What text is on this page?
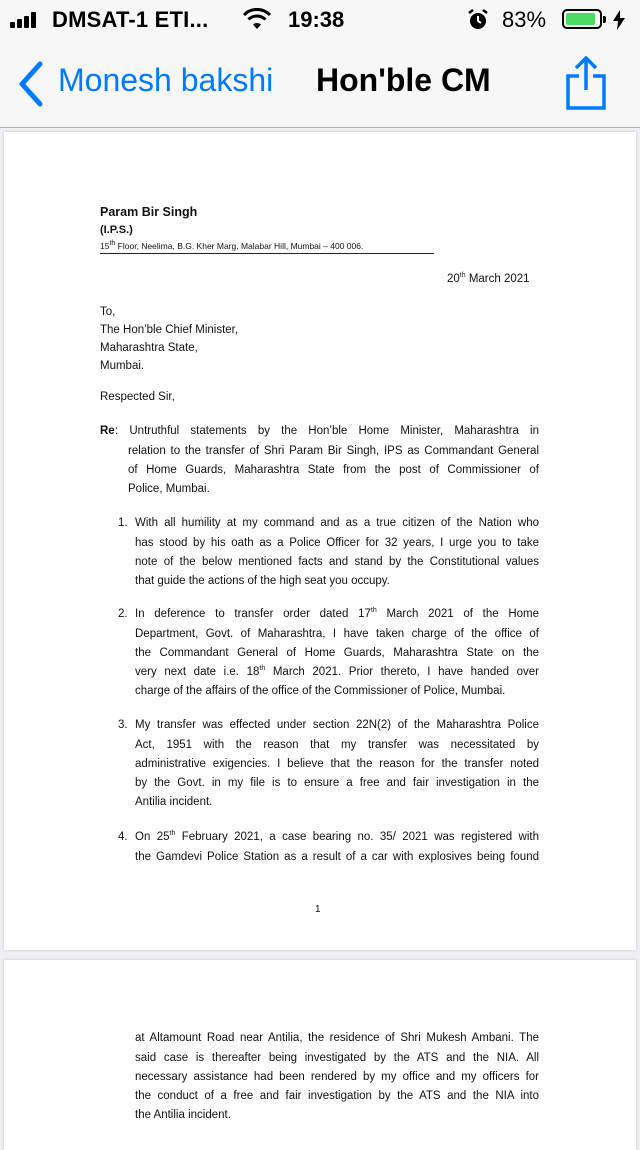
DMSAT-1 ETI...	19:38	83%
Monesh bakshi Hon'ble CM
Param Bir Singh
(I.P.S.)
15th Floor, Neelima, B.G. Kher Marg, Malabar Hill, Mumbai – 400 006.
20th March 2021
To,
The Hon’ble Chief Minister,
Maharashtra State,
Mumbai.
Respected Sir,
Re : Untruthful statements by the Hon’ble Home Minister, Maharashtra in
relation to the transfer of Shri Param Bir Singh, IPS as Commandant General
of Home Guards, Maharashtra State from the post of Commissioner of
Police, Mumbai.
1. With all humility at my command and as a true citizen of the Nation who
has stood by his oath as a Police Officer for 32 years, I urge you to take
note of the below mentioned facts and stand by the Constitutional values
that guide the actions of the high seat you occupy.
2. In deference to transfer order dated 17th March 2021 of the Home
Department, Govt. of Maharashtra, I have taken charge of the office of
the Commandant General of Home Guards, Maharashtra State on the
very next date i.e. 18th March 2021. Prior thereto, I have handed over
charge of the affairs of the office of the Commissioner of Police, Mumbai.
3. My transfer was effected under section 22N(2) of the Maharashtra Police
Act, 1951 with the reason that my transfer was necessitated by
administrative exigencies. I believe that the reason for the transfer noted
by the Govt. in my file is to ensure a free and fair investigation in the
Antilia incident.
4. On 25th February 2021, a case bearing no. 35/ 2021 was registered with
the Gamdevi Police Station as a result of a car with explosives being found
1
at Altamount Road near Antilia, the residence of Shri Mukesh Ambani. The
said case is thereafter being investigated by the ATS and the NIA. All
necessary assistance had been rendered by my office and my officers for
the conduct of a free and fair investigation by the ATS and the NIA into
the Antilia incident.
